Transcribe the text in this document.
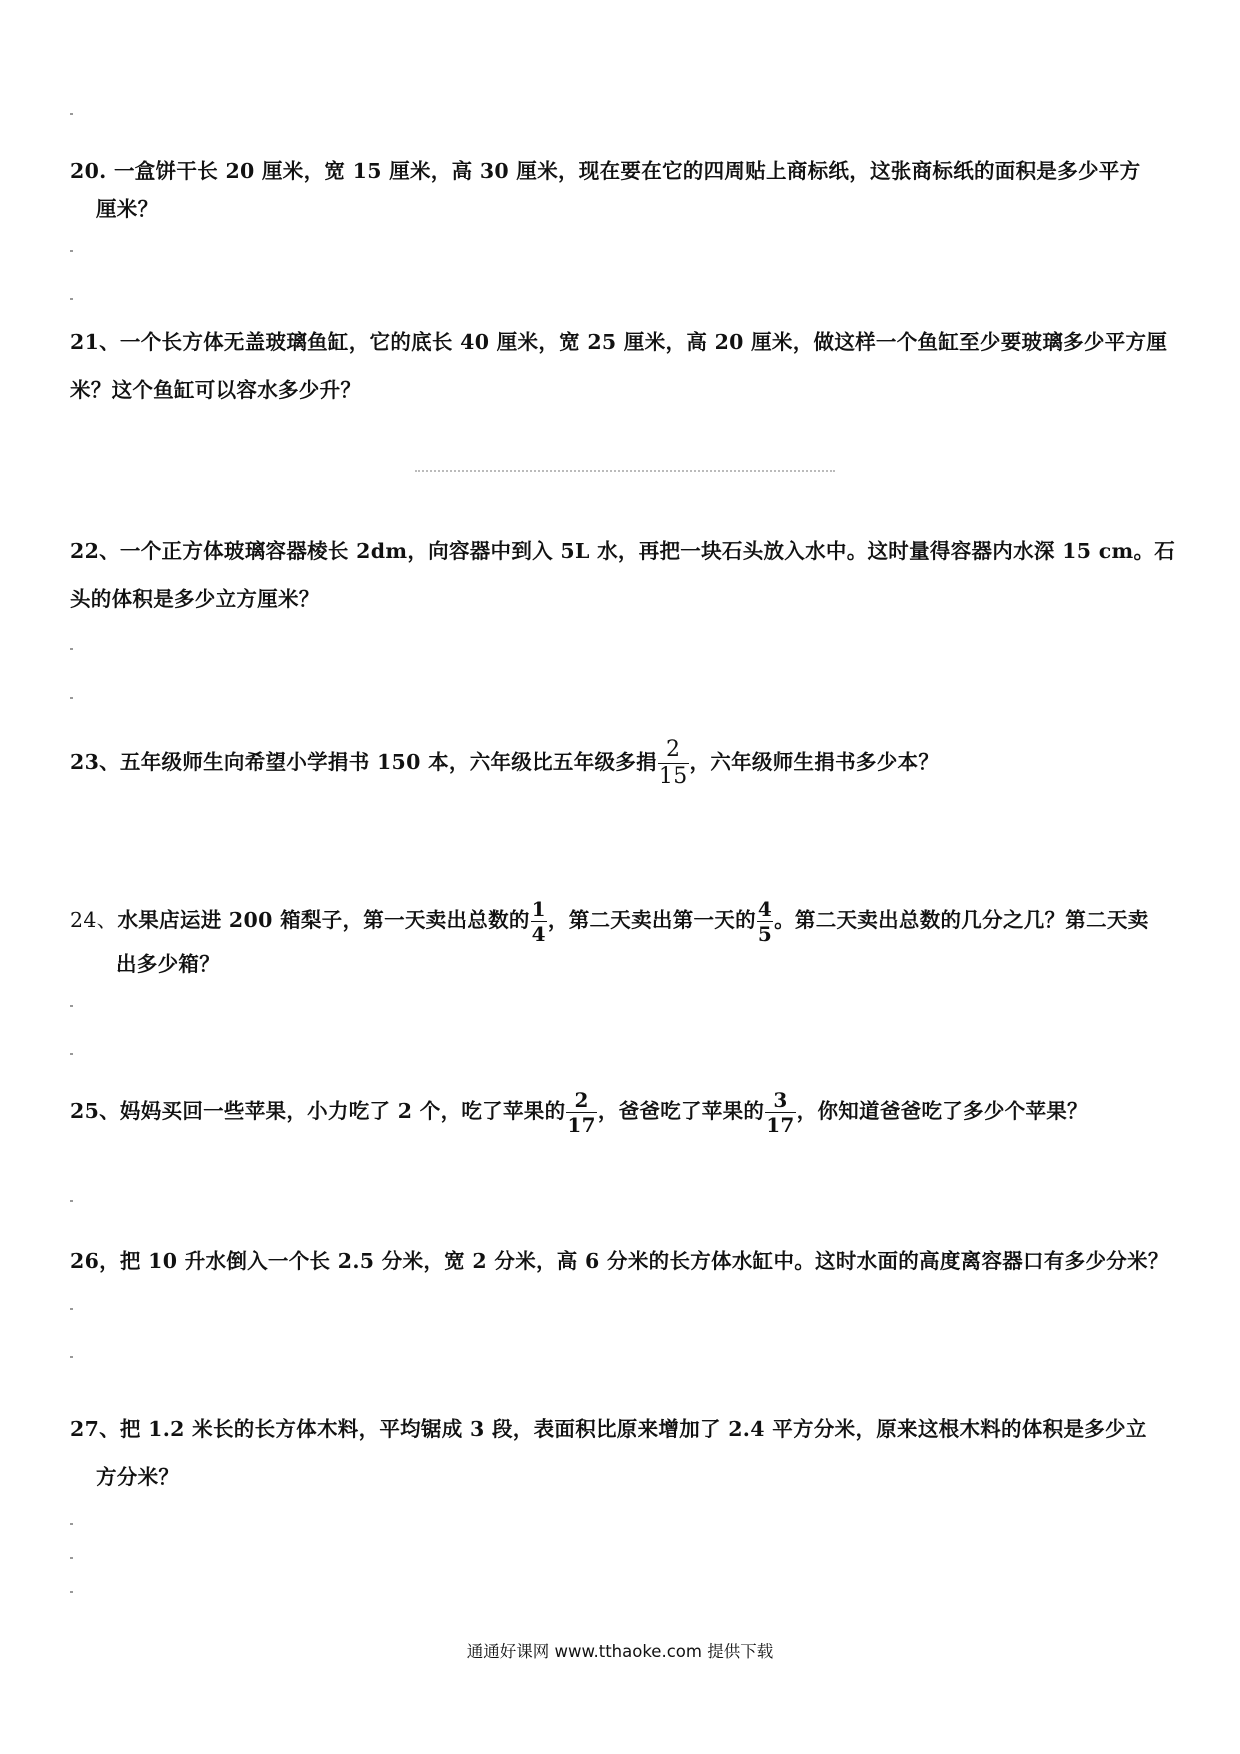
20. 一盒饼干长 20 厘米，宽 15 厘米，高 30 厘米，现在要在它的四周贴上商标纸，这张商标纸的面积是多少平方
厘米？
21、一个长方体无盖玻璃鱼缸，它的底长 40 厘米，宽 25 厘米，高 20 厘米，做这样一个鱼缸至少要玻璃多少平方厘
米？这个鱼缸可以容水多少升？
22、一个正方体玻璃容器棱长 2dm，向容器中到入 5L 水，再把一块石头放入水中。这时量得容器内水深 15 cm。石
头的体积是多少立方厘米？
23、五年级师生向希望小学捐书 150 本，六年级比五年级多捐 $\frac{2}{15}$ ，六年级师生捐书多少本？
24、水果店运进 200 箱梨子，第一天卖出总数的 $\frac{1}{4}$ ，第二天卖出第一天的 $\frac{4}{5}$ 。第二天卖出总数的几分之几？第二天卖
出多少箱？
25、妈妈买回一些苹果，小力吃了 2 个，吃了苹果的 $\frac{2}{17}$ ，爸爸吃了苹果的 $\frac{3}{17}$ ，你知道爸爸吃了多少个苹果？
26，把 10 升水倒入一个长 2.5 分米，宽 2 分米，高 6 分米的长方体水缸中。这时水面的高度离容器口有多少分米？
27、把 1.2 米长的长方体木料，平均锯成 3 段，表面积比原来增加了 2.4 平方分米，原来这根木料的体积是多少立
方分米？
通通好课网 www.tthaoke.com 提供下载
